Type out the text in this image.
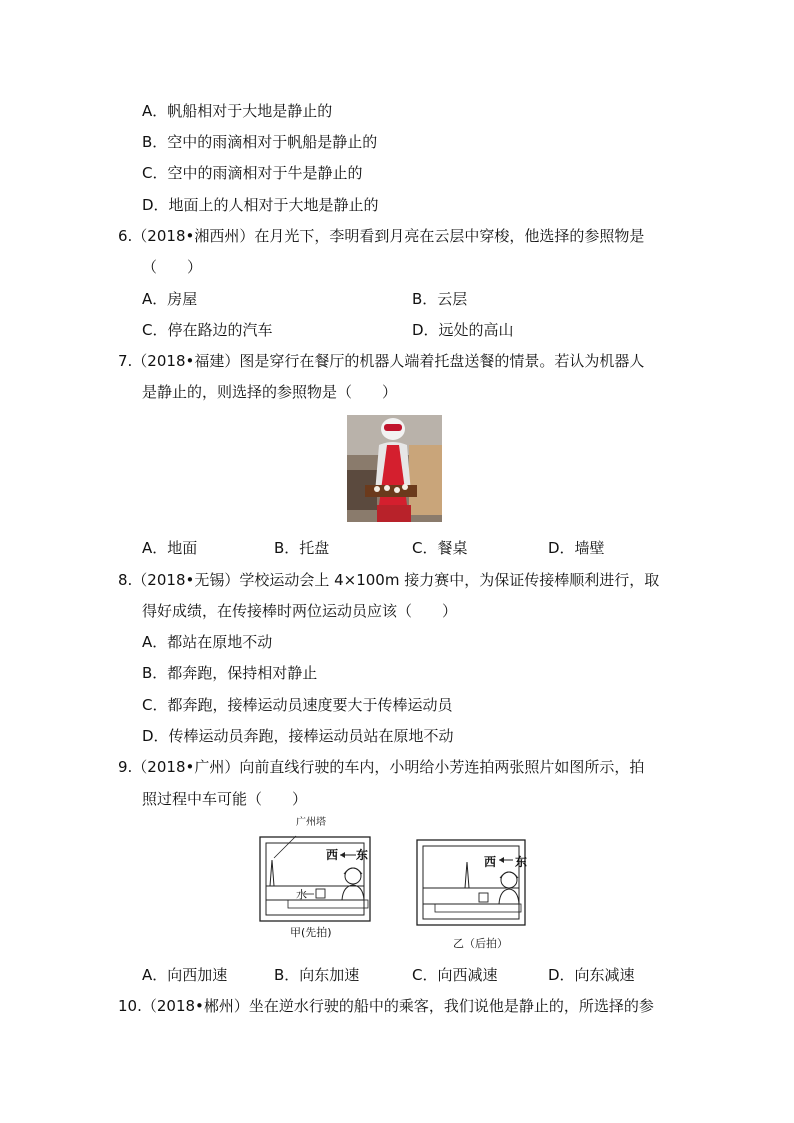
A．帆船相对于大地是静止的
B．空中的雨滴相对于帆船是静止的
C．空中的雨滴相对于牛是静止的
D．地面上的人相对于大地是静止的
6.（2018•湘西州）在月光下，李明看到月亮在云层中穿梭，他选择的参照物是
（　　）
A．房屋	B．云层
C．停在路边的汽车	D．远处的高山
7.（2018•福建）图是穿行在餐厅的机器人端着托盘送餐的情景。若认为机器人
是静止的，则选择的参照物是（　　）
A．地面	B．托盘	C．餐桌	D．墙壁
8.（2018•无锡）学校运动会上 4×100m 接力赛中，为保证传接棒顺利进行，取
得好成绩，在传接棒时两位运动员应该（　　）
A．都站在原地不动
B．都奔跑，保持相对静止
C．都奔跑，接棒运动员速度要大于传棒运动员
D．传棒运动员奔跑，接棒运动员站在原地不动
9.（2018•广州）向前直线行驶的车内，小明给小芳连拍两张照片如图所示，拍
照过程中车可能（　　）
广州塔
西 东
水
甲(先拍)
西 东
乙（后拍）
A．向西加速	B．向东加速	C．向西减速	D．向东减速
10.（2018•郴州）坐在逆水行驶的船中的乘客，我们说他是静止的，所选择的参
